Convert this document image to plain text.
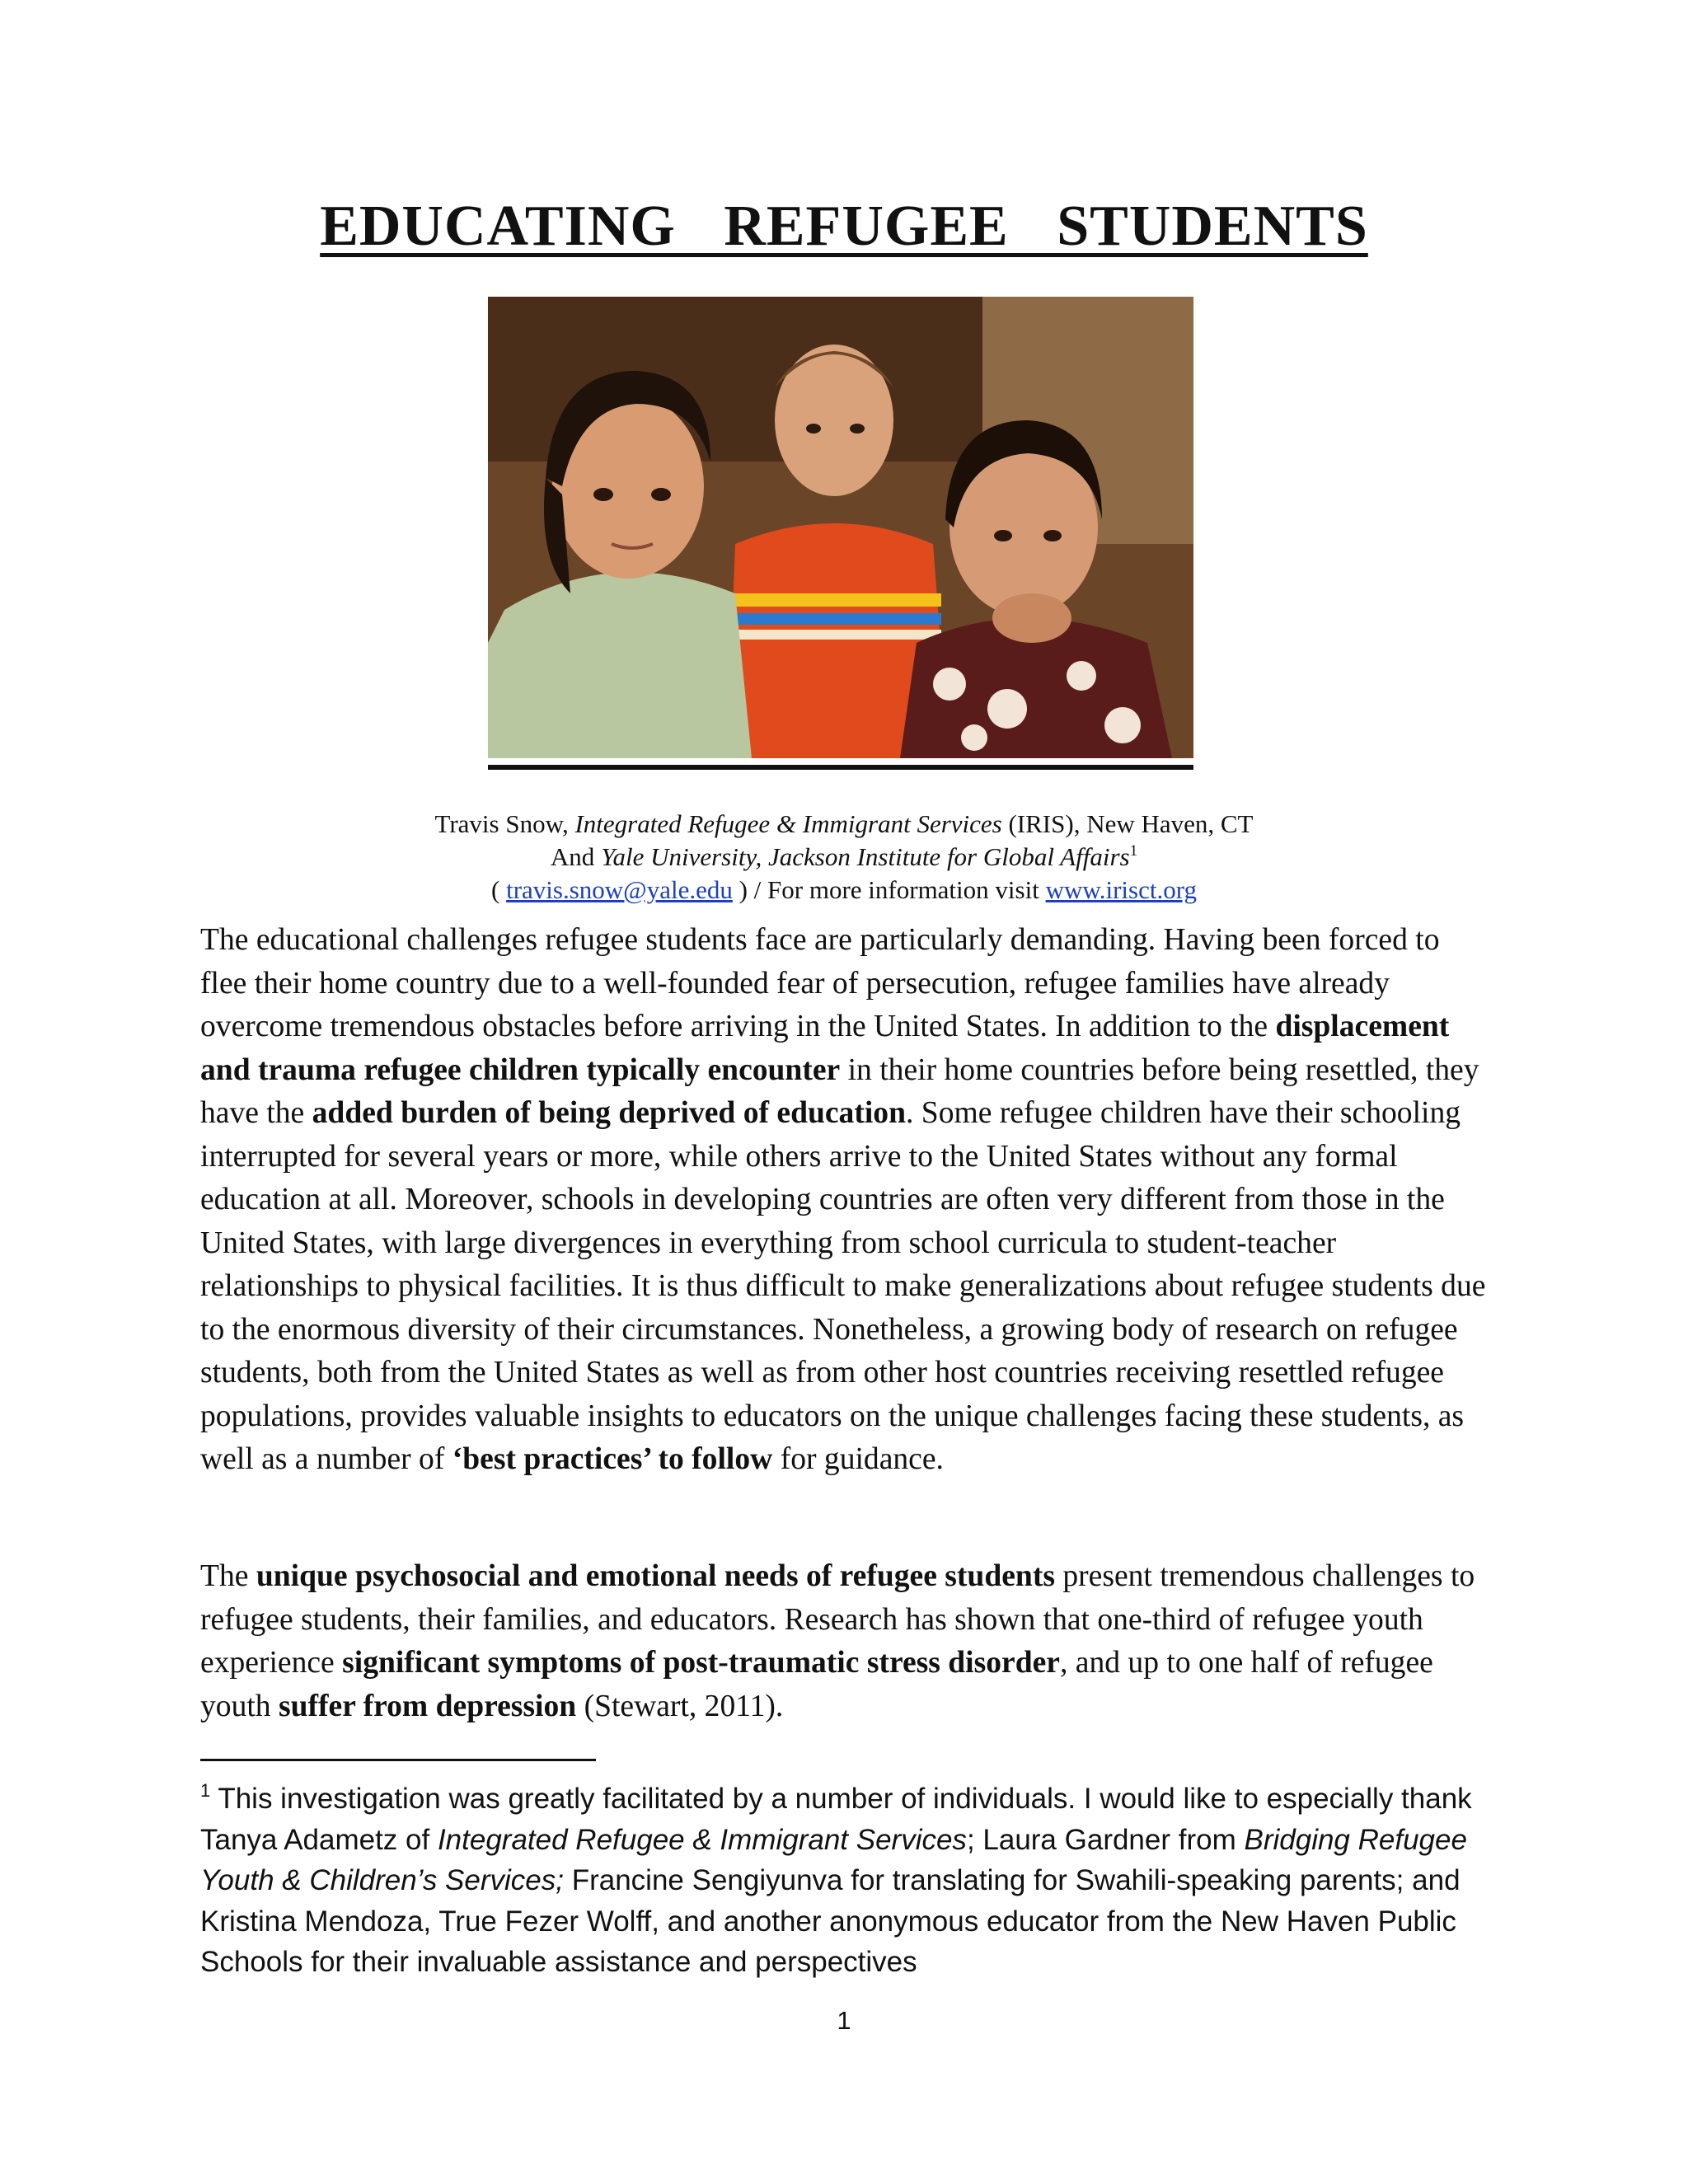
EDUCATING REFUGEE STUDENTS
Travis Snow, Integrated Refugee & Immigrant Services (IRIS), New Haven, CT
And Yale University, Jackson Institute for Global Affairs$^1$
( travis.snow@yale.edu ) / For more information visit www.irisct.org

The educational challenges refugee students face are particularly demanding. Having been forced to flee their home country due to a well-founded fear of persecution, refugee families have already overcome tremendous obstacles before arriving in the United States. In addition to the displacement and trauma refugee children typically encounter in their home countries before being resettled, they have the added burden of being deprived of education. Some refugee children have their schooling interrupted for several years or more, while others arrive to the United States without any formal education at all. Moreover, schools in developing countries are often very different from those in the United States, with large divergences in everything from school curricula to student-teacher relationships to physical facilities. It is thus difficult to make generalizations about refugee students due to the enormous diversity of their circumstances. Nonetheless, a growing body of research on refugee students, both from the United States as well as from other host countries receiving resettled refugee populations, provides valuable insights to educators on the unique challenges facing these students, as well as a number of ‘best practices’ to follow for guidance.

The unique psychosocial and emotional needs of refugee students present tremendous challenges to refugee students, their families, and educators. Research has shown that one-third of refugee youth experience significant symptoms of post-traumatic stress disorder, and up to one half of refugee youth suffer from depression (Stewart, 2011).

$^1$ This investigation was greatly facilitated by a number of individuals. I would like to especially thank Tanya Adametz of Integrated Refugee & Immigrant Services; Laura Gardner from Bridging Refugee Youth & Children’s Services; Francine Sengiyunva for translating for Swahili-speaking parents; and Kristina Mendoza, True Fezer Wolff, and another anonymous educator from the New Haven Public Schools for their invaluable assistance and perspectives

1
